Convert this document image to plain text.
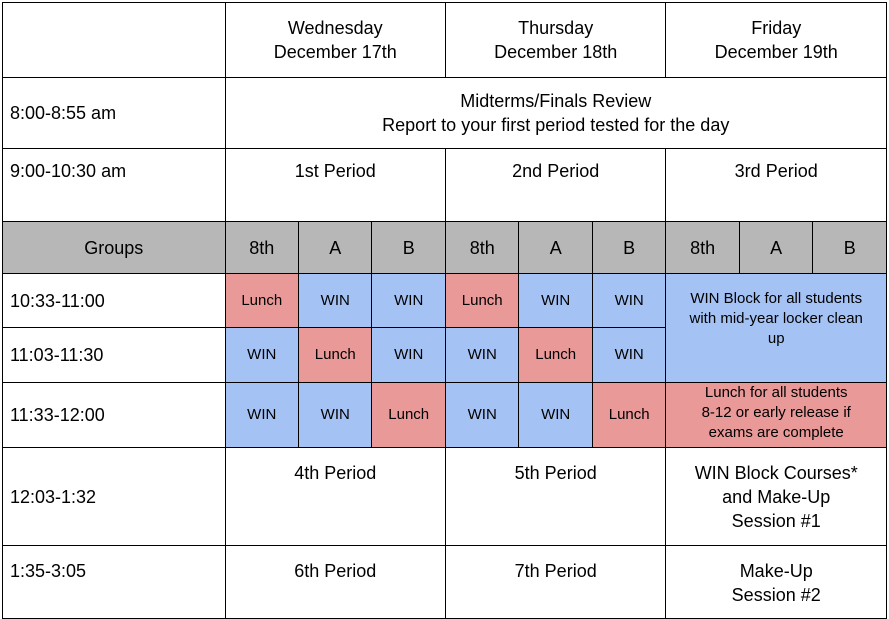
	Wednesday
December 17th			Thursday
December 18th			Friday
December 19th		

8:00-8:55 am	Midterms/Finals Review
Report to your first period tested for the day								

9:00-10:30 am	1st Period			2nd Period			3rd Period		
Groups	8th	A	B	8th	A	B	8th	A	B
10:33-11:00	Lunch	WIN	WIN	Lunch	WIN	WIN	WIN Block for all students
with mid-year locker clean
up		

11:03-11:30	WIN	Lunch	WIN	WIN	Lunch	WIN			
11:33-12:00	WIN	WIN	Lunch	WIN	WIN	Lunch	Lunch for all students
8-12 or early release if
exams are complete		

12:03-1:32	4th Period			5th Period			WIN Block Courses*
and Make-Up
Session #1		

1:35-3:05	6th Period			7th Period			Make-Up
Session #2		
